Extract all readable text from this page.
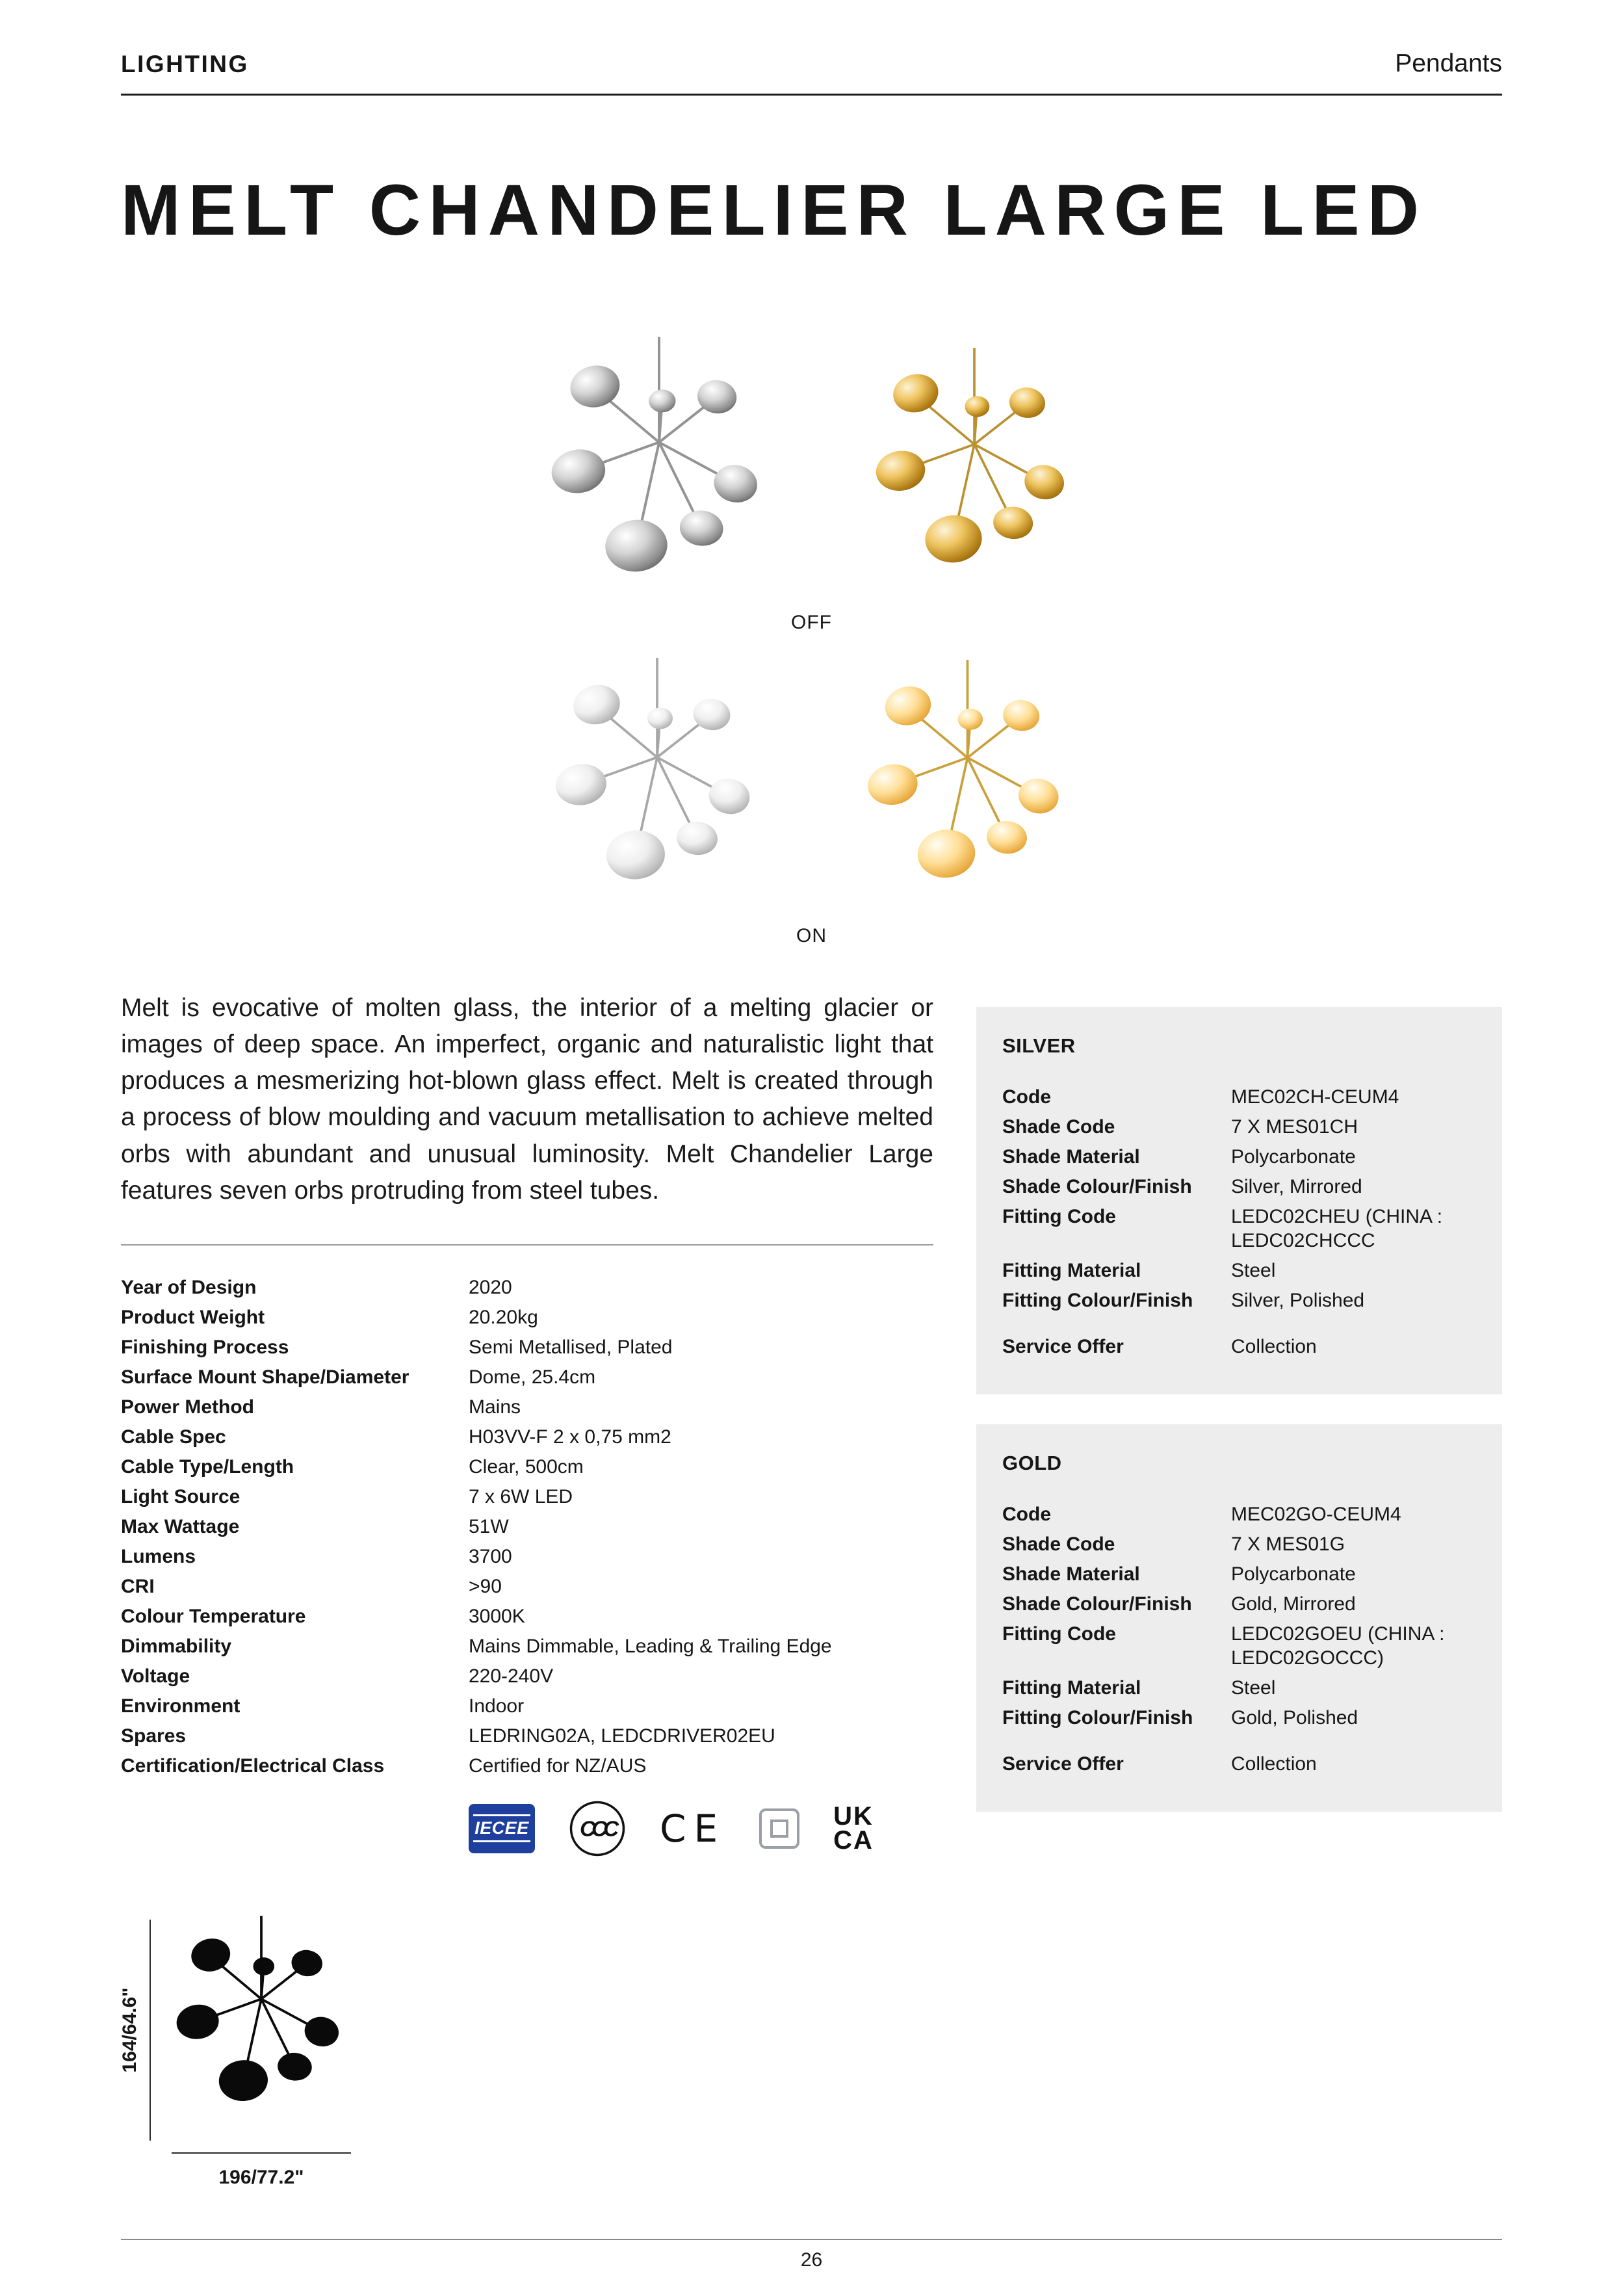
LIGHTING	Pendants
MELT CHANDELIER LARGE LED
OFF
ON

Melt is evocative of molten glass, the interior of a melting glacier or images of deep space. An imperfect, organic and naturalistic light that produces a mesmerizing hot-blown glass effect. Melt is created through a process of blow moulding and vacuum metallisation to achieve melted orbs with abundant and unusual luminosity. Melt Chandelier Large features seven orbs protruding from steel tubes.

Year of Design	2020
Product Weight	20.20kg
Finishing Process	Semi Metallised, Plated
Surface Mount Shape/Diameter	Dome, 25.4cm
Power Method	Mains
Cable Spec	H03VV-F 2 x 0,75 mm2
Cable Type/Length	Clear, 500cm
Light Source	7 x 6W LED
Max Wattage	51W
Lumens	3700
CRI	>90
Colour Temperature	3000K
Dimmability	Mains Dimmable, Leading & Trailing Edge
Voltage	220-240V
Environment	Indoor
Spares	LEDRING02A, LEDCDRIVER02EU
Certification/Electrical Class	Certified for NZ/AUS
IECEE CCC CE	UK
CA
164/64.6"
196/77.2"
SILVER
Code	MEC02CH-CEUM4
Shade Code	7 X MES01CH
Shade Material	Polycarbonate
Shade Colour/Finish	Silver, Mirrored
Fitting Code	LEDC02CHEU (CHINA : LEDC02CHCCC
Fitting Material	Steel
Fitting Colour/Finish	Silver, Polished
Service Offer	Collection
GOLD
Code	MEC02GO-CEUM4
Shade Code	7 X MES01G
Shade Material	Polycarbonate
Shade Colour/Finish	Gold, Mirrored
Fitting Code	LEDC02GOEU (CHINA : LEDC02GOCCC)
Fitting Material	Steel
Fitting Colour/Finish	Gold, Polished
Service Offer	Collection
26
